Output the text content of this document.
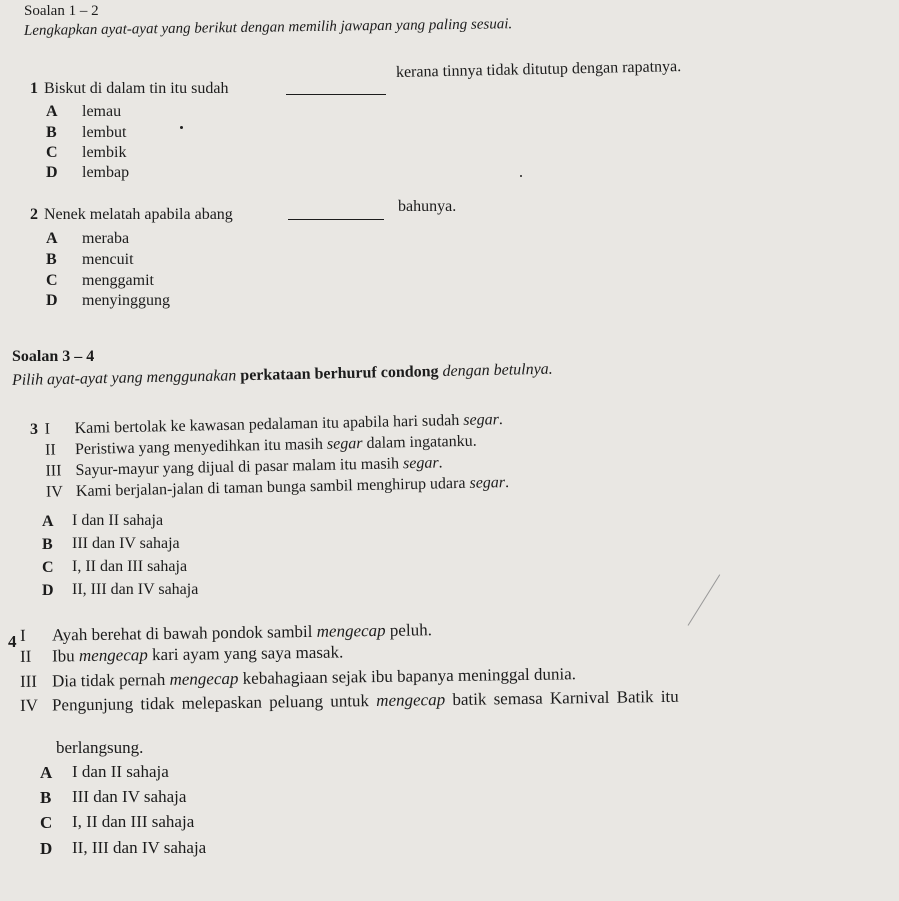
Soalan 1 – 2
Lengkapkan ayat-ayat yang berikut dengan memilih jawapan yang paling sesuai.
1 Biskut di dalam tin itu sudah
kerana tinnya tidak ditutup dengan rapatnya.
A lemau
B lembut
C lembik
D lembap
2 Nenek melatah apabila abang	bahunya.
A meraba
B mencuit
C menggamit
D menyinggung
Soalan 3 – 4
Pilih ayat-ayat yang menggunakan perkataan berhuruf condong dengan betulnya.
3 I Kami bertolak ke kawasan pedalaman itu apabila hari sudah segar.
II Peristiwa yang menyedihkan itu masih segar dalam ingatanku.
III Sayur-mayur yang dijual di pasar malam itu masih segar.
IV Kami berjalan-jalan di taman bunga sambil menghirup udara segar.
A I dan II sahaja
B III dan IV sahaja
C I, II dan III sahaja
D II, III dan IV sahaja
4 I Ayah berehat di bawah pondok sambil mengecap peluh.
II Ibu mengecap kari ayam yang saya masak.
III Dia tidak pernah mengecap kebahagiaan sejak ibu bapanya meninggal dunia.
IV Pengunjung tidak melepaskan peluang untuk mengecap batik semasa Karnival Batik itu
berlangsung.
A I dan II sahaja
B III dan IV sahaja
C I, II dan III sahaja
D II, III dan IV sahaja
